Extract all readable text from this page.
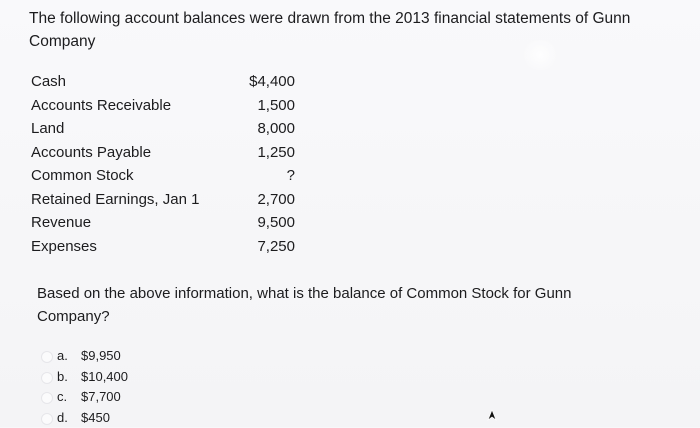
The following account balances were drawn from the 2013 financial statements of Gunn Company
Cash	$4,400
Accounts Receivable	1,500
Land	8,000
Accounts Payable	1,250
Common Stock	?
Retained Earnings, Jan 1	2,700
Revenue	9,500
Expenses	7,250
Based on the above information, what is the balance of Common Stock for Gunn Company?
a. $9,950
b. $10,400
c. $7,700
d. $450
